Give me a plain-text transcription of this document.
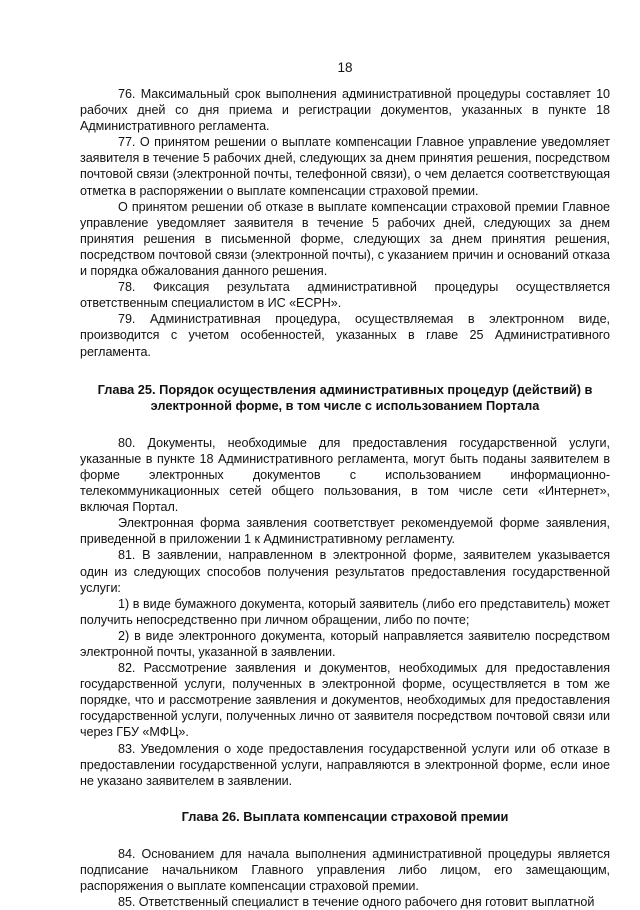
18

76. Максимальный срок выполнения административной процедуры составляет 10 рабочих дней со дня приема и регистрации документов, указанных в пункте 18 Административного регламента.

77. О принятом решении о выплате компенсации Главное управление уведомляет заявителя в течение 5 рабочих дней, следующих за днем принятия решения, посредством почтовой связи (электронной почты, телефонной связи), о чем делается соответствующая отметка в распоряжении о выплате компенсации страховой премии.

О принятом решении об отказе в выплате компенсации страховой премии Главное управление уведомляет заявителя в течение 5 рабочих дней, следующих за днем принятия решения в письменной форме, следующих за днем принятия решения, посредством почтовой связи (электронной почты), с указанием причин и оснований отказа и порядка обжалования данного решения.

78. Фиксация результата административной процедуры осуществляется ответственным специалистом в ИС «ЕСРН».

79. Административная процедура, осуществляемая в электронном виде, производится с учетом особенностей, указанных в главе 25 Административного регламента.

Глава 25. Порядок осуществления административных процедур (действий) в электронной форме, в том числе с использованием Портала

80. Документы, необходимые для предоставления государственной услуги, указанные в пункте 18 Административного регламента, могут быть поданы заявителем в форме электронных документов с использованием информационно-телекоммуникационных сетей общего пользования, в том числе сети «Интернет», включая Портал.

Электронная форма заявления соответствует рекомендуемой форме заявления, приведенной в приложении 1 к Административному регламенту.

81. В заявлении, направленном в электронной форме, заявителем указывается один из следующих способов получения результатов предоставления государственной услуги:

1) в виде бумажного документа, который заявитель (либо его представитель) может получить непосредственно при личном обращении, либо по почте;

2) в виде электронного документа, который направляется заявителю посредством электронной почты, указанной в заявлении.

82. Рассмотрение заявления и документов, необходимых для предоставления государственной услуги, полученных в электронной форме, осуществляется в том же порядке, что и рассмотрение заявления и документов, необходимых для предоставления государственной услуги, полученных лично от заявителя посредством почтовой связи или через ГБУ «МФЦ».

83. Уведомления о ходе предоставления государственной услуги или об отказе в предоставлении государственной услуги, направляются в электронной форме, если иное не указано заявителем в заявлении.

Глава 26. Выплата компенсации страховой премии

84. Основанием для начала выполнения административной процедуры является подписание начальником Главного управления либо лицом, его замещающим, распоряжения о выплате компенсации страховой премии.

85. Ответственный специалист в течение одного рабочего дня готовит выплатной
